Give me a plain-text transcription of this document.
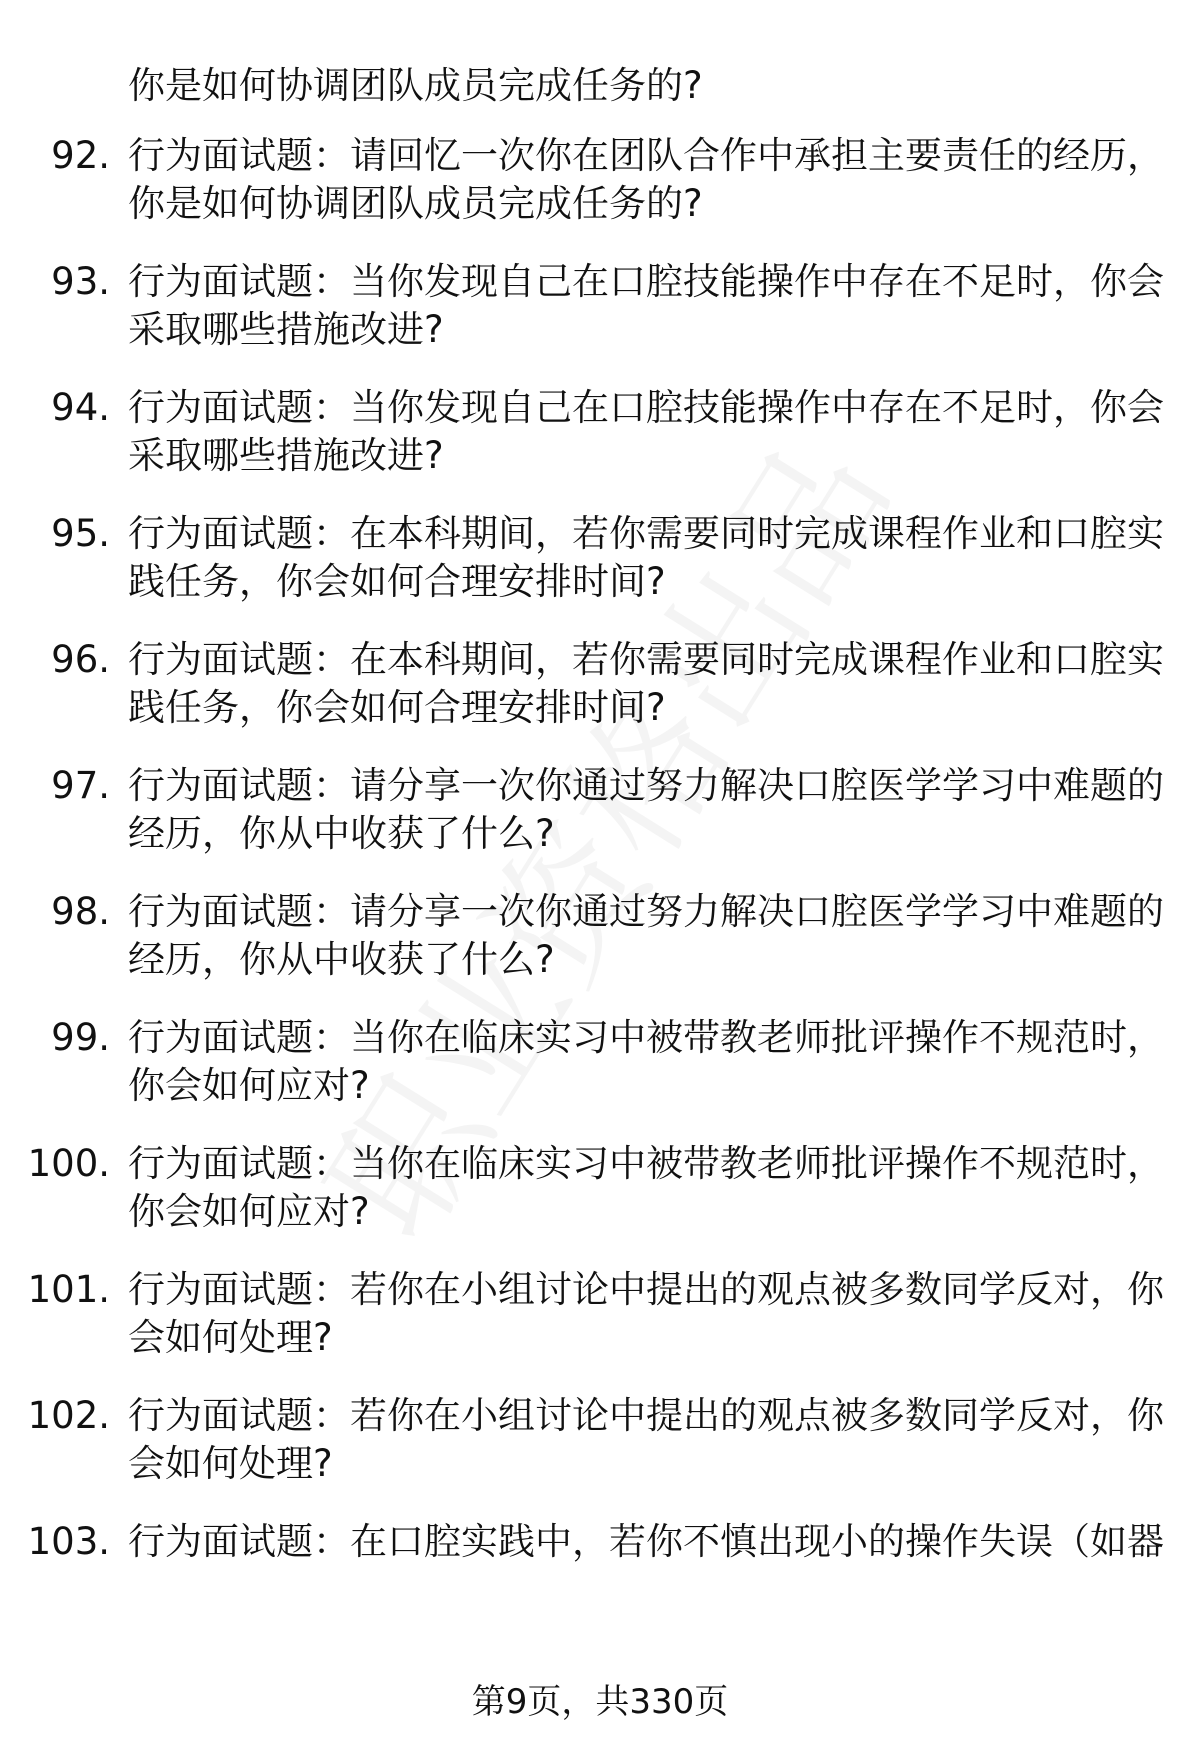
你是如何协调团队成员完成任务的?
92. 行为面试题：请回忆一次你在团队合作中承担主要责任的经历，
你是如何协调团队成员完成任务的?
93. 行为面试题：当你发现自己在口腔技能操作中存在不足时，你会
采取哪些措施改进?
94. 行为面试题：当你发现自己在口腔技能操作中存在不足时，你会
采取哪些措施改进?
95. 行为面试题：在本科期间，若你需要同时完成课程作业和口腔实
践任务，你会如何合理安排时间?
96. 行为面试题：在本科期间，若你需要同时完成课程作业和口腔实
践任务，你会如何合理安排时间?
97. 行为面试题：请分享一次你通过努力解决口腔医学学习中难题的
经历，你从中收获了什么?
98. 行为面试题：请分享一次你通过努力解决口腔医学学习中难题的
经历，你从中收获了什么?
99. 行为面试题：当你在临床实习中被带教老师批评操作不规范时，
你会如何应对?
100. 行为面试题：当你在临床实习中被带教老师批评操作不规范时，
你会如何应对?
101. 行为面试题：若你在小组讨论中提出的观点被多数同学反对，你
会如何处理?
102. 行为面试题：若你在小组讨论中提出的观点被多数同学反对，你
会如何处理?
103. 行为面试题：在口腔实践中，若你不慎出现小的操作失误（如器
第9页，共330页
